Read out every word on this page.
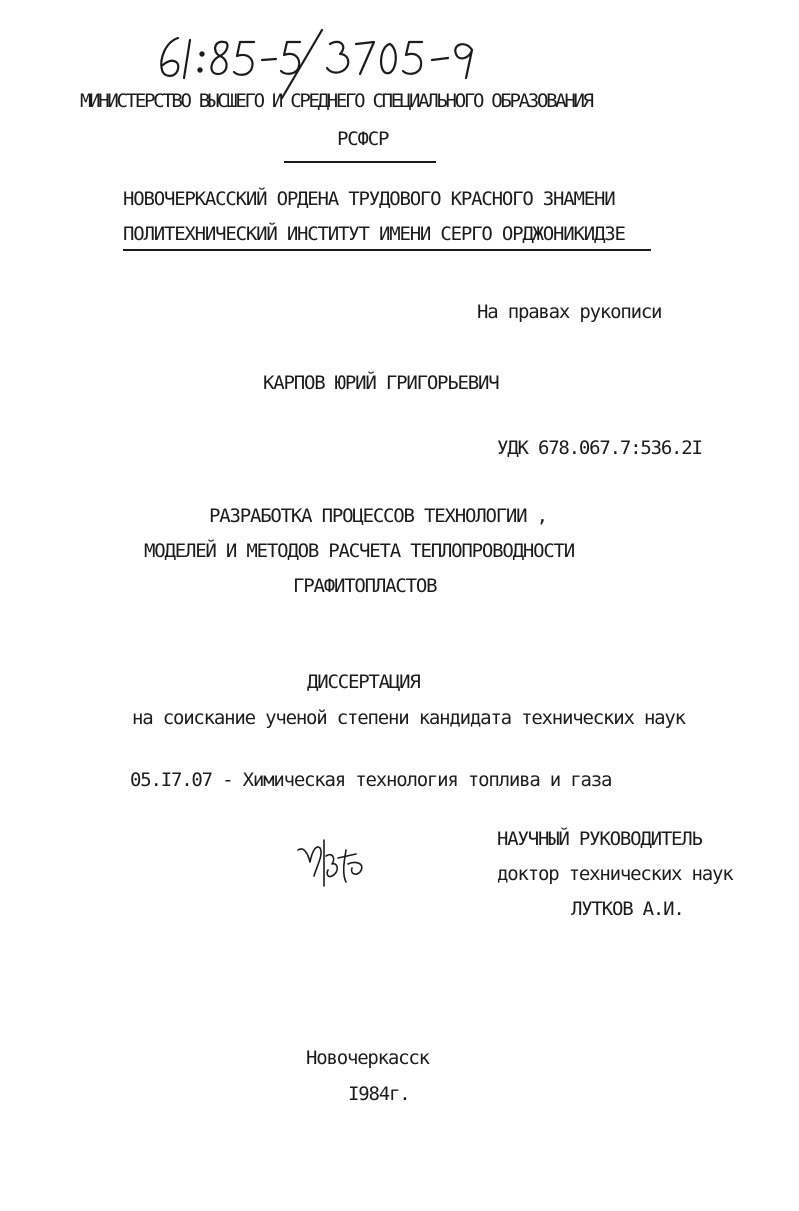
МИНИСТЕРСТВО ВЫСШЕГО И СРЕДНЕГО СПЕЦИАЛЬНОГО ОБРАЗОВАНИЯ
РСФСР
НОВОЧЕРКАССКИЙ ОРДЕНА ТРУДОВОГО КРАСНОГО ЗНАМЕНИ
ПОЛИТЕХНИЧЕСКИЙ ИНСТИТУТ ИМЕНИ СЕРГО ОРДЖОНИКИДЗЕ
На правах рукописи
КАРПОВ ЮРИЙ ГРИГОРЬЕВИЧ
УДК 678.067.7:536.2I
РАЗРАБОТКА ПРОЦЕССОВ ТЕХНОЛОГИИ ,
МОДЕЛЕЙ И МЕТОДОВ РАСЧЕТА ТЕПЛОПРОВОДНОСТИ
ГРАФИТОПЛАСТОВ
ДИССЕРТАЦИЯ
на соискание ученой степени кандидата технических наук
05.I7.07 - Химическая технология топлива и газа
НАУЧНЫЙ РУКОВОДИТЕЛЬ
доктор технических наук
ЛУТКОВ А.И.
Новочеркасск
I984г.
